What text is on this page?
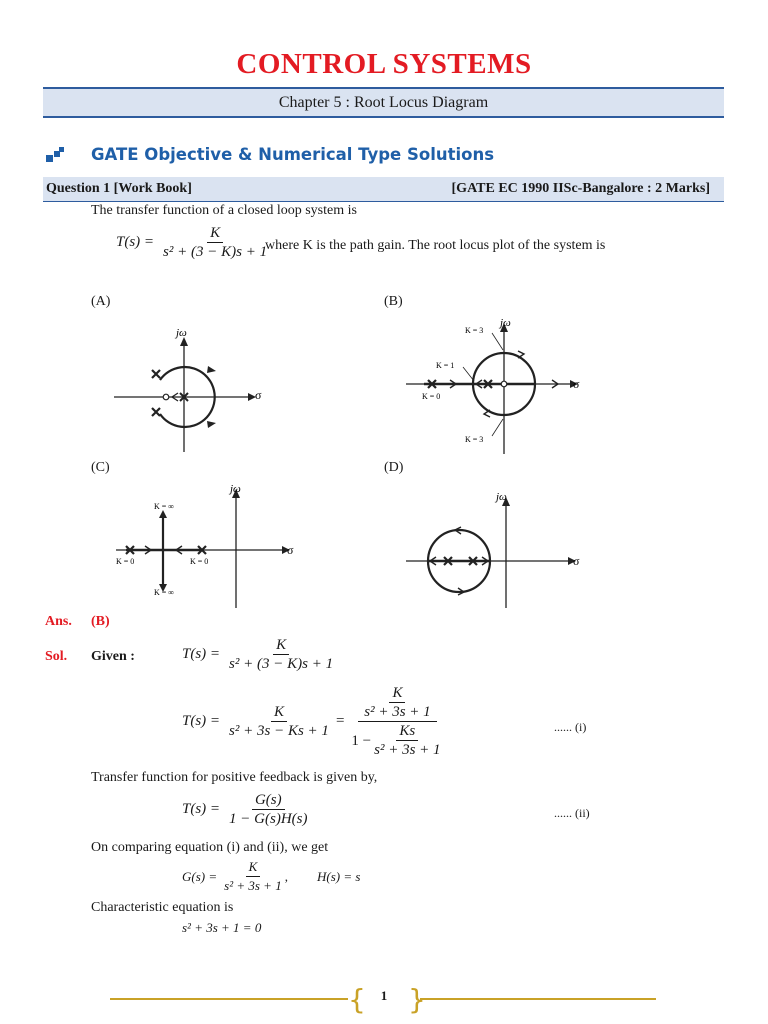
CONTROL SYSTEMS
Chapter 5 : Root Locus Diagram
GATE Objective & Numerical Type Solutions
Question 1 [Work Book]	[GATE EC 1990 IISc-Bangalore : 2 Marks]
The transfer function of a closed loop system is
$T(s) = \frac{K}{\text{s² + (3 − K)s + 1}}$
where K is the path gain. The root locus plot of the system is
(A)	(B)
(C)	(D)
jω
σ
jω
σ
K = 3
K = 1
K = 0
K = 3
jω
σ
K = ∞
K = 0	K = 0
K = ∞
jω
σ
Ans. (B)
Sol. Given :	$T(s) = \frac{K}{\text{s² + (3 − K)s + 1}}$
$T(s) = \frac{K}{\text{s² + 3s − Ks + 1}} = \frac{\frac{K}{\text{s² + 3s + 1}}}{1 - \frac{Ks}{\text{s² + 3s + 1}}}$	...... (i)
Transfer function for positive feedback is given by,
$T(s) = \frac{G(s)}{1 - G(s)H(s)}$	...... (ii)
On comparing equation (i) and (ii), we get
$G(s) = \frac{K}{\text{s² + 3s + 1}}$ , H(s) = s
Characteristic equation is
s² + 3s + 1 = 0
{ }
1
